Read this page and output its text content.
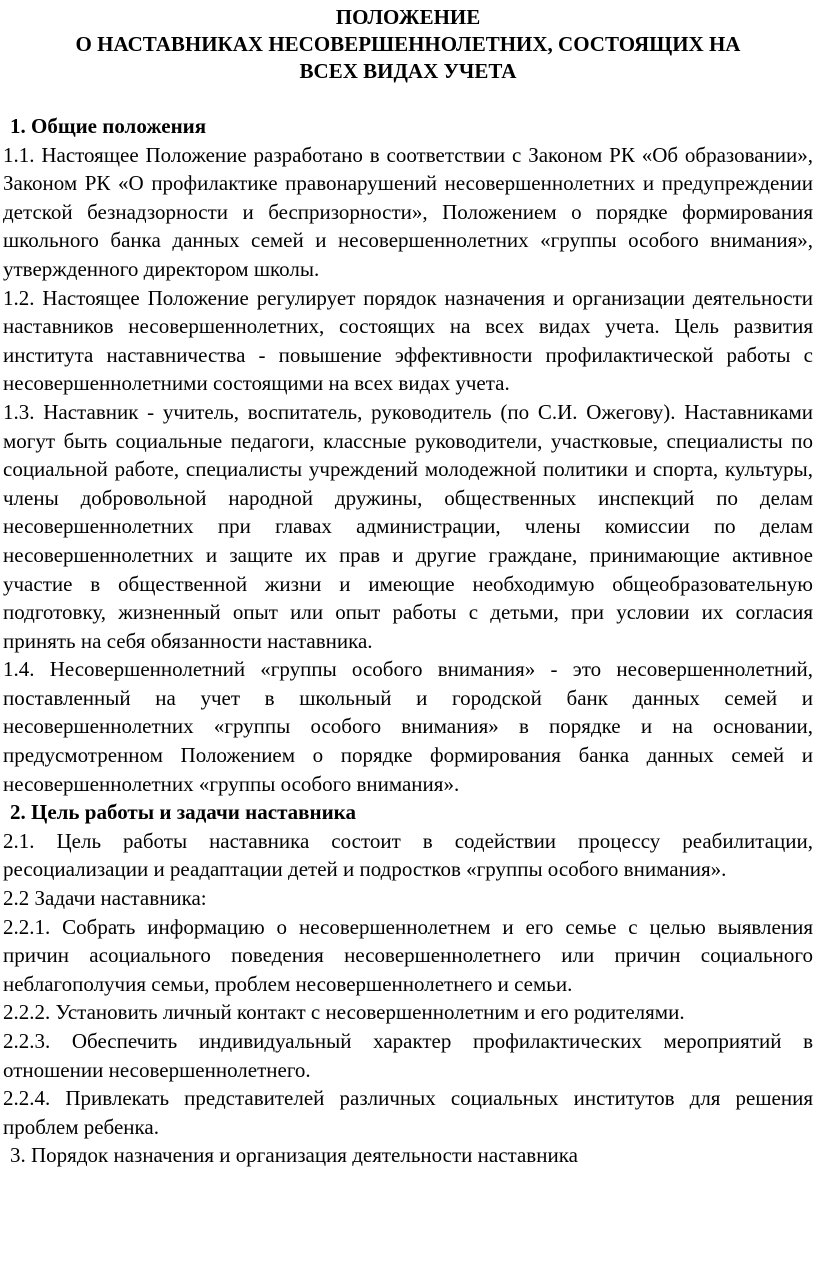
ПОЛОЖЕНИЕ

О НАСТАВНИКАХ НЕСОВЕРШЕННОЛЕТНИХ, СОСТОЯЩИХ НА

ВСЕХ ВИДАХ УЧЕТА

1. Общие положения

1.1. Настоящее Положение разработано в соответствии с Законом РК «Об образовании», Законом РК «О профилактике правонарушений несовершеннолетних и предупреждении детской безнадзорности и беспризорности», Положением о порядке формирования школьного банка данных семей и несовершеннолетних «группы особого внимания», утвержденного директором школы.

1.2. Настоящее Положение регулирует порядок назначения и организации деятельности наставников несовершеннолетних, состоящих на всех видах учета. Цель развития института наставничества - повышение эффективности профилактической работы с несовершеннолетними состоящими на всех видах учета.

1.3. Наставник - учитель, воспитатель, руководитель (по С.И. Ожегову). Наставниками могут быть социальные педагоги, классные руководители, участковые, специалисты по социальной работе, специалисты учреждений молодежной политики и спорта, культуры, члены добровольной народной дружины, общественных инспекций по делам несовершеннолетних при главах администрации, члены комиссии по делам несовершеннолетних и защите их прав и другие граждане, принимающие активное участие в общественной жизни и имеющие необходимую общеобразовательную подготовку, жизненный опыт или опыт работы с детьми, при условии их согласия принять на себя обязанности наставника.

1.4. Несовершеннолетний «группы особого внимания» - это несовершеннолетний, поставленный на учет в школьный и городской банк данных семей и несовершеннолетних «группы особого внимания» в порядке и на основании, предусмотренном Положением о порядке формирования банка данных семей и несовершеннолетних «группы особого внимания».

2. Цель работы и задачи наставника

2.1. Цель работы наставника состоит в содействии процессу реабилитации, ресоциализации и реадаптации детей и подростков «группы особого внимания».

2.2 Задачи наставника:

2.2.1. Собрать информацию о несовершеннолетнем и его семье с целью выявления причин асоциального поведения несовершеннолетнего или причин социального неблагополучия семьи, проблем несовершеннолетнего и семьи.

2.2.2. Установить личный контакт с несовершеннолетним и его родителями.

2.2.3. Обеспечить индивидуальный характер профилактических мероприятий в отношении несовершеннолетнего.

2.2.4. Привлекать представителей различных социальных институтов для решения проблем ребенка.

3. Порядок назначения и организация деятельности наставника
